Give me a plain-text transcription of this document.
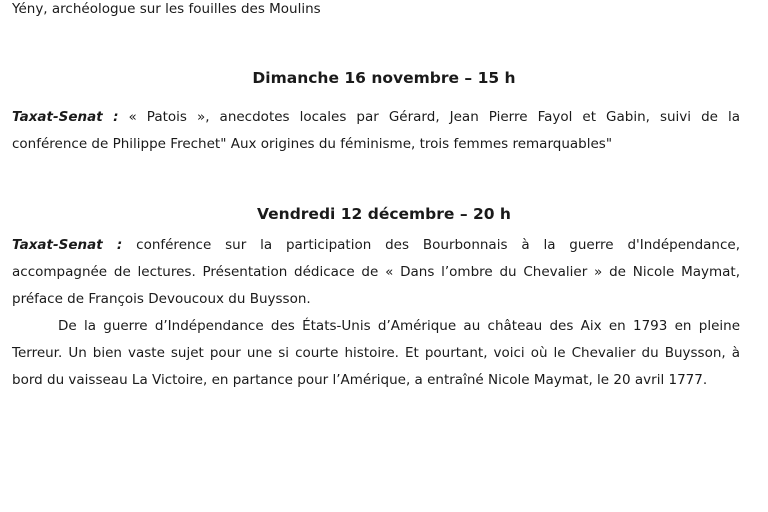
Yény, archéologue sur les fouilles des Moulins
Dimanche 16 novembre – 15 h
Taxat-Senat : « Patois », anecdotes locales par Gérard, Jean Pierre Fayol et Gabin, suivi de la
conférence de Philippe Frechet" Aux origines du féminisme, trois femmes remarquables"
Vendredi 12 décembre – 20 h
Taxat-Senat : conférence sur la participation des Bourbonnais à la guerre d'Indépendance,
accompagnée de lectures. Présentation dédicace de « Dans l’ombre du Chevalier » de Nicole Maymat,
préface de François Devoucoux du Buysson.
De la guerre d’Indépendance des États-Unis d’Amérique au château des Aix en 1793 en pleine
Terreur. Un bien vaste sujet pour une si courte histoire. Et pourtant, voici où le Chevalier du Buysson, à
bord du vaisseau La Victoire, en partance pour l’Amérique, a entraîné Nicole Maymat, le 20 avril 1777.
